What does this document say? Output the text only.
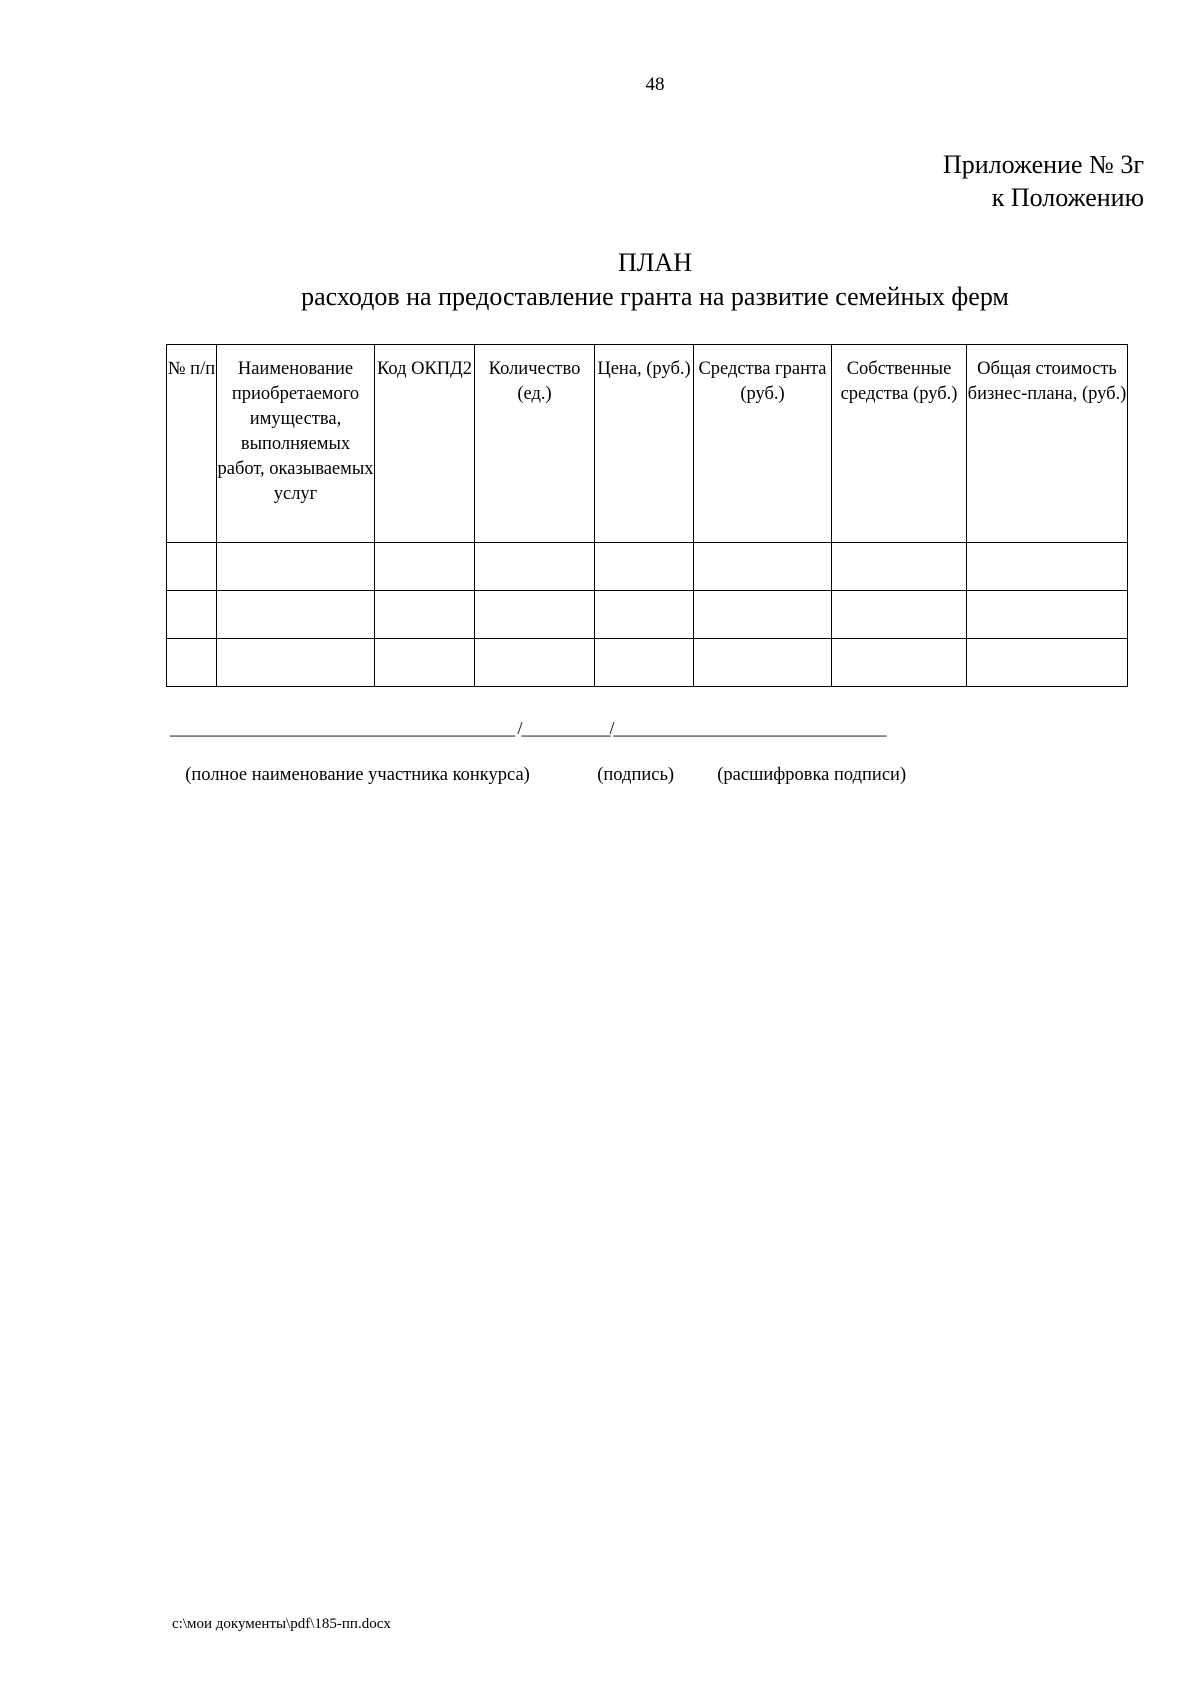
48
Приложение № 3г
к Положению
ПЛАН
расходов на предоставление гранта на развитие семейных ферм
№ п/п	Наименование приобретаемого имущества, выполняемых работ, оказываемых услуг	Код ОКПД2	Количество (ед.)	Цена, (руб.)	Средства гранта (руб.)	Собственные средства (руб.)	Общая стоимость бизнес-плана, (руб.)

___________________________________________ /___________/__________________________________

(полное наименование участника конкурса)	(подпись) (расшифровка подписи)

c:\мои документы\pdf\185-пп.docx
